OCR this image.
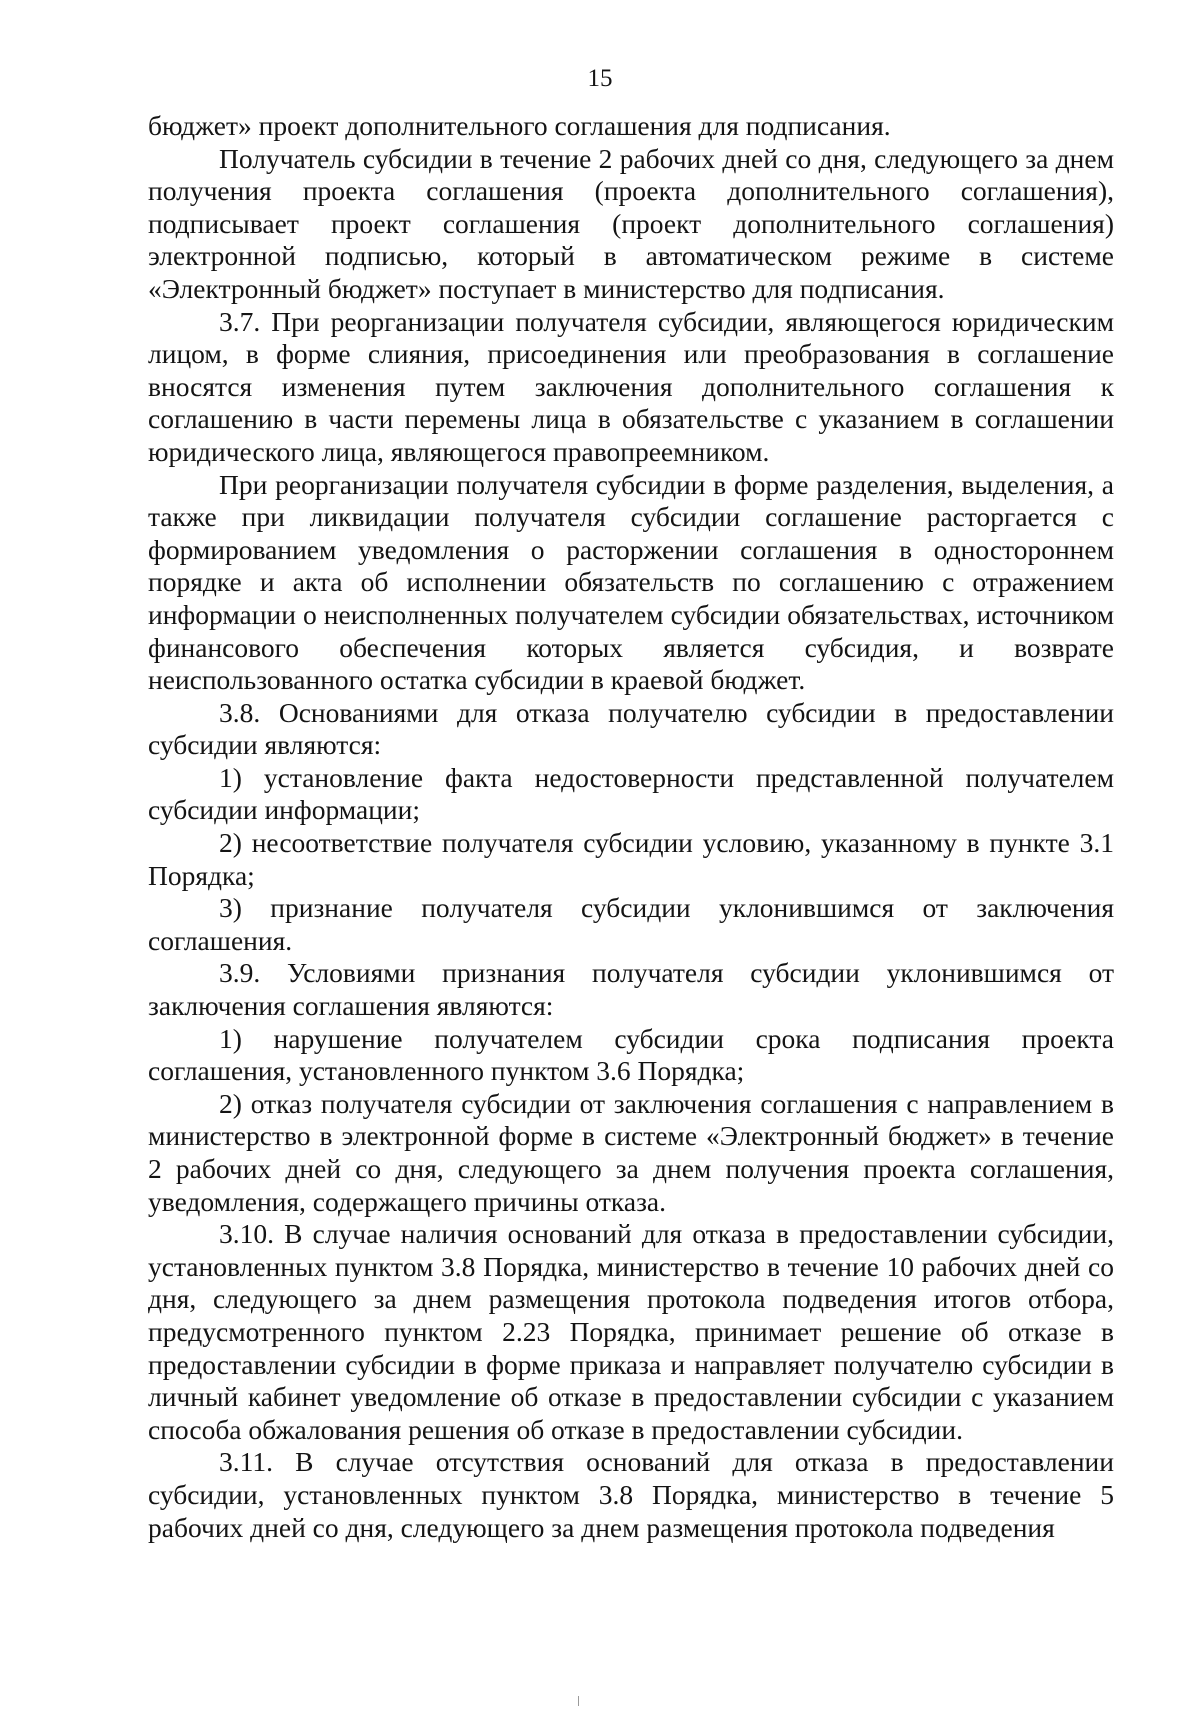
15

бюджет» проект дополнительного соглашения для подписания.

Получатель субсидии в течение 2 рабочих дней со дня, следующего за днем получения проекта соглашения (проекта дополнительного соглашения), подписывает проект соглашения (проект дополнительного соглашения) электронной подписью, который в автоматическом режиме в системе «Электронный бюджет» поступает в министерство для подписания.

3.7. При реорганизации получателя субсидии, являющегося юридическим лицом, в форме слияния, присоединения или преобразования в соглашение вносятся изменения путем заключения дополнительного соглашения к соглашению в части перемены лица в обязательстве с указанием в соглашении юридического лица, являющегося правопреемником.

При реорганизации получателя субсидии в форме разделения, выделения, а также при ликвидации получателя субсидии соглашение расторгается с формированием уведомления о расторжении соглашения в одностороннем порядке и акта об исполнении обязательств по соглашению с отражением информации о неисполненных получателем субсидии обязательствах, источником финансового обеспечения которых является субсидия, и возврате неиспользованного остатка субсидии в краевой бюджет.

3.8. Основаниями для отказа получателю субсидии в предоставлении субсидии являются:

1) установление факта недостоверности представленной получателем субсидии информации;

2) несоответствие получателя субсидии условию, указанному в пункте 3.1 Порядка;

3) признание получателя субсидии уклонившимся от заключения соглашения.

3.9. Условиями признания получателя субсидии уклонившимся от заключения соглашения являются:

1) нарушение получателем субсидии срока подписания проекта соглашения, установленного пунктом 3.6 Порядка;

2) отказ получателя субсидии от заключения соглашения с направлением в министерство в электронной форме в системе «Электронный бюджет» в течение 2 рабочих дней со дня, следующего за днем получения проекта соглашения, уведомления, содержащего причины отказа.

3.10. В случае наличия оснований для отказа в предоставлении субсидии, установленных пунктом 3.8 Порядка, министерство в течение 10 рабочих дней со дня, следующего за днем размещения протокола подведения итогов отбора, предусмотренного пунктом 2.23 Порядка, принимает решение об отказе в предоставлении субсидии в форме приказа и направляет получателю субсидии в личный кабинет уведомление об отказе в предоставлении субсидии с указанием способа обжалования решения об отказе в предоставлении субсидии.

3.11. В случае отсутствия оснований для отказа в предоставлении субсидии, установленных пунктом 3.8 Порядка, министерство в течение 5 рабочих дней со дня, следующего за днем размещения протокола подведения
